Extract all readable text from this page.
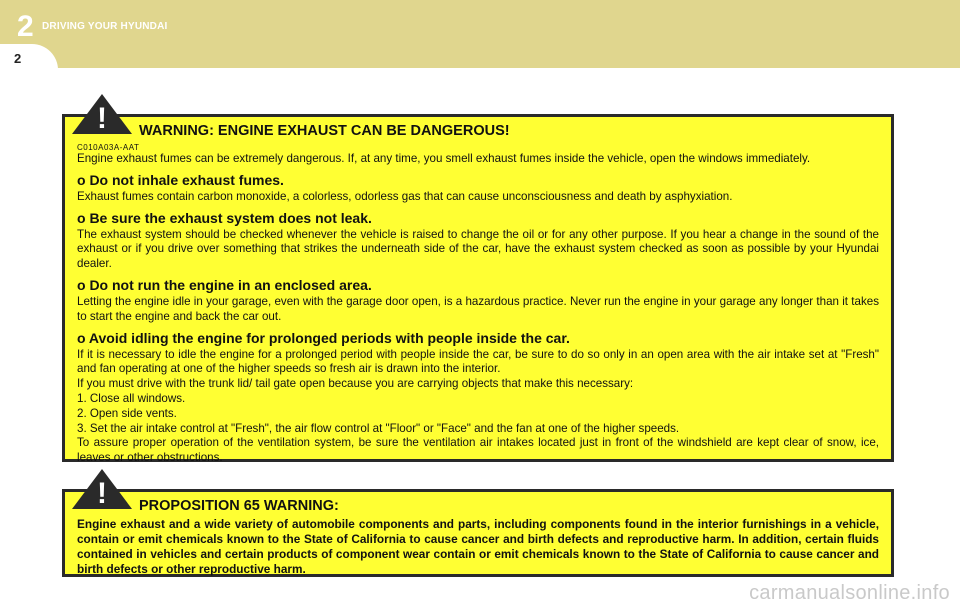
2 DRIVING YOUR HYUNDAI
2
WARNING: ENGINE EXHAUST CAN BE DANGEROUS!
C010A03A-AAT

Engine exhaust fumes can be extremely dangerous. If, at any time, you smell exhaust fumes inside the vehicle, open the windows immediately.

o Do not inhale exhaust fumes.

Exhaust fumes contain carbon monoxide, a colorless, odorless gas that can cause unconsciousness and death by asphyxiation.

o Be sure the exhaust system does not leak.

The exhaust system should be checked whenever the vehicle is raised to change the oil or for any other purpose. If you hear a change in the sound of the exhaust or if you drive over something that strikes the underneath side of the car, have the exhaust system checked as soon as possible by your Hyundai dealer.

o Do not run the engine in an enclosed area.

Letting the engine idle in your garage, even with the garage door open, is a hazardous practice. Never run the engine in your garage any longer than it takes to start the engine and back the car out.

o Avoid idling the engine for prolonged periods with people inside the car.

If it is necessary to idle the engine for a prolonged period with people inside the car, be sure to do so only in an open area with the air intake set at "Fresh" and fan operating at one of the higher speeds so fresh air is drawn into the interior.

If you must drive with the trunk lid/ tail gate open because you are carrying objects that make this necessary:

1. Close all windows.

2. Open side vents.

3. Set the air intake control at "Fresh", the air flow control at "Floor" or "Face" and the fan at one of the higher speeds.

To assure proper operation of the ventilation system, be sure the ventilation air intakes located just in front of the windshield are kept clear of snow, ice, leaves or other obstructions.

!
PROPOSITION 65 WARNING:

Engine exhaust and a wide variety of automobile components and parts, including components found in the interior furnishings in a vehicle, contain or emit chemicals known to the State of California to cause cancer and birth defects and reproductive harm. In addition, certain fluids contained in vehicles and certain products of component wear contain or emit chemicals known to the State of California to cause cancer and birth defects or other reproductive harm.

!
carmanualsonline.info
